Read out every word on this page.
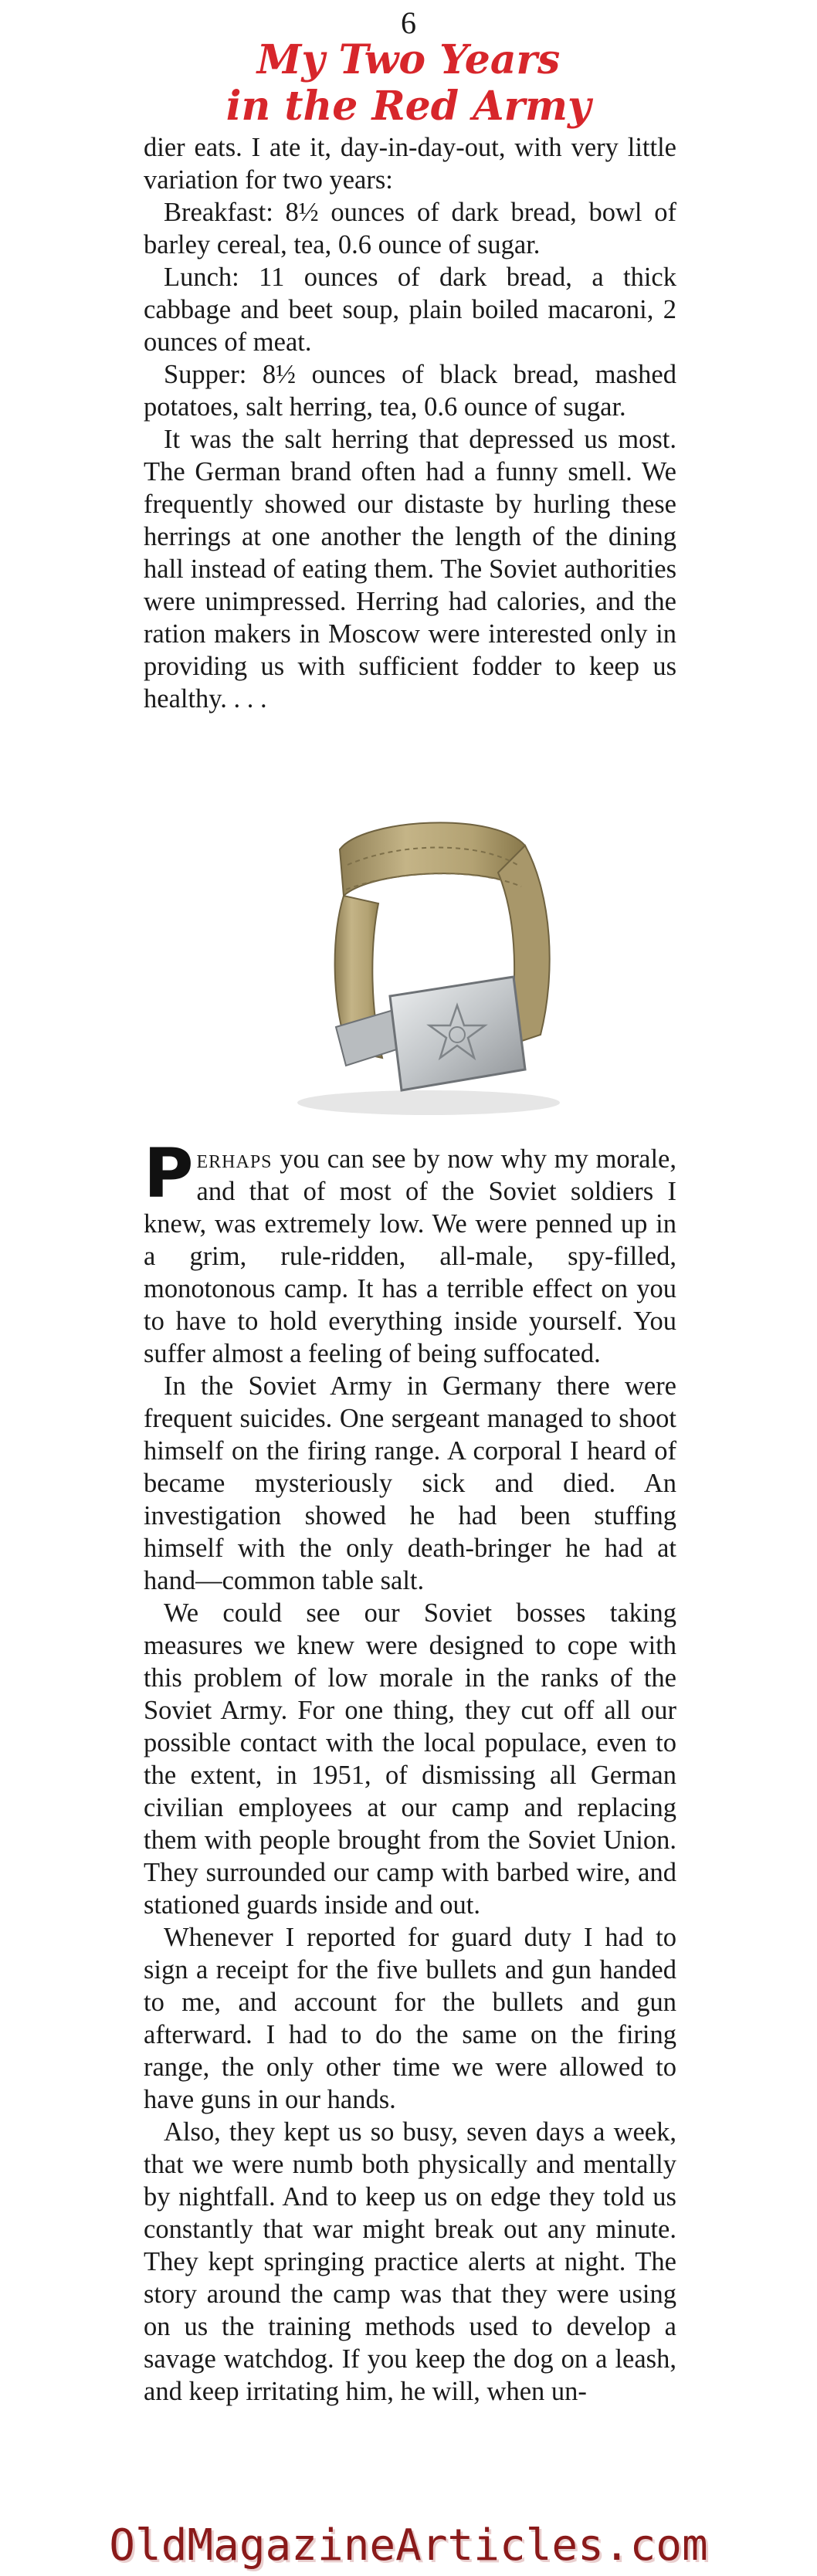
6
My Two Years
in the Red Army

dier eats. I ate it, day-in-day-out, with very little variation for two years:

Breakfast: 8½ ounces of dark bread, bowl of barley cereal, tea, 0.6 ounce of sugar.

Lunch: 11 ounces of dark bread, a thick cabbage and beet soup, plain boiled macaroni, 2 ounces of meat.

Supper: 8½ ounces of black bread, mashed potatoes, salt herring, tea, 0.6 ounce of sugar.

It was the salt herring that depressed us most. The German brand often had a funny smell. We frequently showed our distaste by hurling these herrings at one another the length of the dining hall instead of eating them. The Soviet authorities were unimpressed. Herring had calories, and the ration makers in Moscow were interested only in providing us with sufficient fodder to keep us healthy. . . .

Perhaps you can see by now why my morale, and that of most of the Soviet soldiers I knew, was extremely low. We were penned up in a grim, rule-ridden, all-male, spy-filled, monotonous camp. It has a terrible effect on you to have to hold everything inside yourself. You suffer almost a feeling of being suffocated.

In the Soviet Army in Germany there were frequent suicides. One sergeant managed to shoot himself on the firing range. A corporal I heard of became mysteriously sick and died. An investigation showed he had been stuffing himself with the only death-bringer he had at hand—common table salt.

We could see our Soviet bosses taking measures we knew were designed to cope with this problem of low morale in the ranks of the Soviet Army. For one thing, they cut off all our possible contact with the local populace, even to the extent, in 1951, of dismissing all German civilian employees at our camp and replacing them with people brought from the Soviet Union. They surrounded our camp with barbed wire, and stationed guards inside and out.

Whenever I reported for guard duty I had to sign a receipt for the five bullets and gun handed to me, and account for the bullets and gun afterward. I had to do the same on the firing range, the only other time we were allowed to have guns in our hands.

Also, they kept us so busy, seven days a week, that we were numb both physically and mentally by nightfall. And to keep us on edge they told us constantly that war might break out any minute. They kept springing practice alerts at night. The story around the camp was that they were using on us the training methods used to develop a savage watchdog. If you keep the dog on a leash, and keep irritating him, he will, when un-

OldMagazineArticles.com
